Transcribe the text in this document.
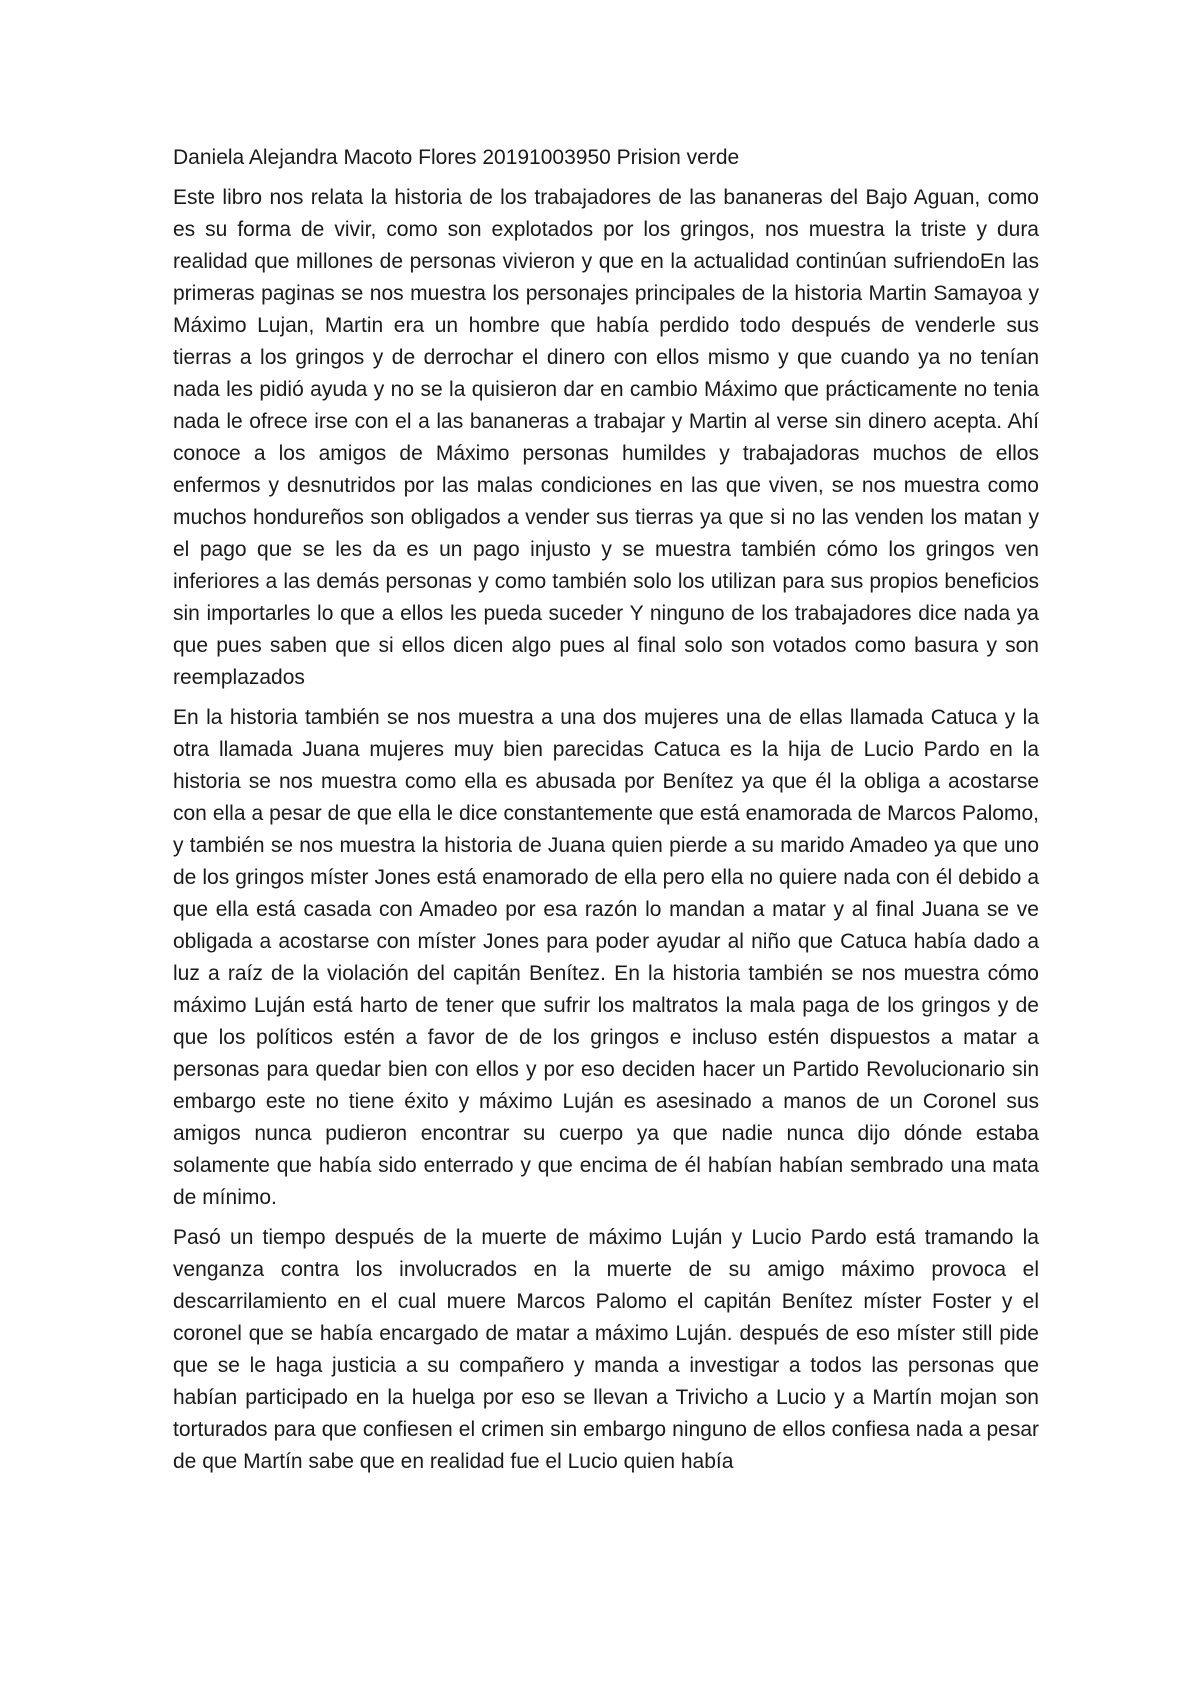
Daniela Alejandra Macoto Flores 20191003950 Prision verde

Este libro nos relata la historia de los trabajadores de las bananeras del Bajo Aguan, como es su forma de vivir, como son explotados por los gringos, nos muestra la triste y dura realidad que millones de personas vivieron y que en la actualidad continúan sufriendoEn las primeras paginas se nos muestra los personajes principales de la historia Martin Samayoa y Máximo Lujan, Martin era un hombre que había perdido todo después de venderle sus tierras a los gringos y de derrochar el dinero con ellos mismo y que cuando ya no tenían nada les pidió ayuda y no se la quisieron dar en cambio Máximo que prácticamente no tenia nada le ofrece irse con el a las bananeras a trabajar y Martin al verse sin dinero acepta. Ahí conoce a los amigos de Máximo personas humildes y trabajadoras muchos de ellos enfermos y desnutridos por las malas condiciones en las que viven, se nos muestra como muchos hondureños son obligados a vender sus tierras ya que si no las venden los matan y el pago que se les da es un pago injusto y se muestra también cómo los gringos ven inferiores a las demás personas y como también solo los utilizan para sus propios beneficios sin importarles lo que a ellos les pueda suceder Y ninguno de los trabajadores dice nada ya que pues saben que si ellos dicen algo pues al final solo son votados como basura y son reemplazados

En la historia también se nos muestra a una dos mujeres una de ellas llamada Catuca y la otra llamada Juana mujeres muy bien parecidas Catuca es la hija de Lucio Pardo en la historia se nos muestra como ella es abusada por Benítez ya que él la obliga a acostarse con ella a pesar de que ella le dice constantemente que está enamorada de Marcos Palomo, y también se nos muestra la historia de Juana quien pierde a su marido Amadeo ya que uno de los gringos míster Jones está enamorado de ella pero ella no quiere nada con él debido a que ella está casada con Amadeo por esa razón lo mandan a matar y al final Juana se ve obligada a acostarse con míster Jones para poder ayudar al niño que Catuca había dado a luz a raíz de la violación del capitán Benítez. En la historia también se nos muestra cómo máximo Luján está harto de tener que sufrir los maltratos la mala paga de los gringos y de que los políticos estén a favor de de los gringos e incluso estén dispuestos a matar a personas para quedar bien con ellos y por eso deciden hacer un Partido Revolucionario sin embargo este no tiene éxito y máximo Luján es asesinado a manos de un Coronel sus amigos nunca pudieron encontrar su cuerpo ya que nadie nunca dijo dónde estaba solamente que había sido enterrado y que encima de él habían habían sembrado una mata de mínimo.

Pasó un tiempo después de la muerte de máximo Luján y Lucio Pardo está tramando la venganza contra los involucrados en la muerte de su amigo máximo provoca el descarrilamiento en el cual muere Marcos Palomo el capitán Benítez míster Foster y el coronel que se había encargado de matar a máximo Luján. después de eso míster still pide que se le haga justicia a su compañero y manda a investigar a todos las personas que habían participado en la huelga por eso se llevan a Trivicho a Lucio y a Martín mojan son torturados para que confiesen el crimen sin embargo ninguno de ellos confiesa nada a pesar de que Martín sabe que en realidad fue el Lucio quien había
